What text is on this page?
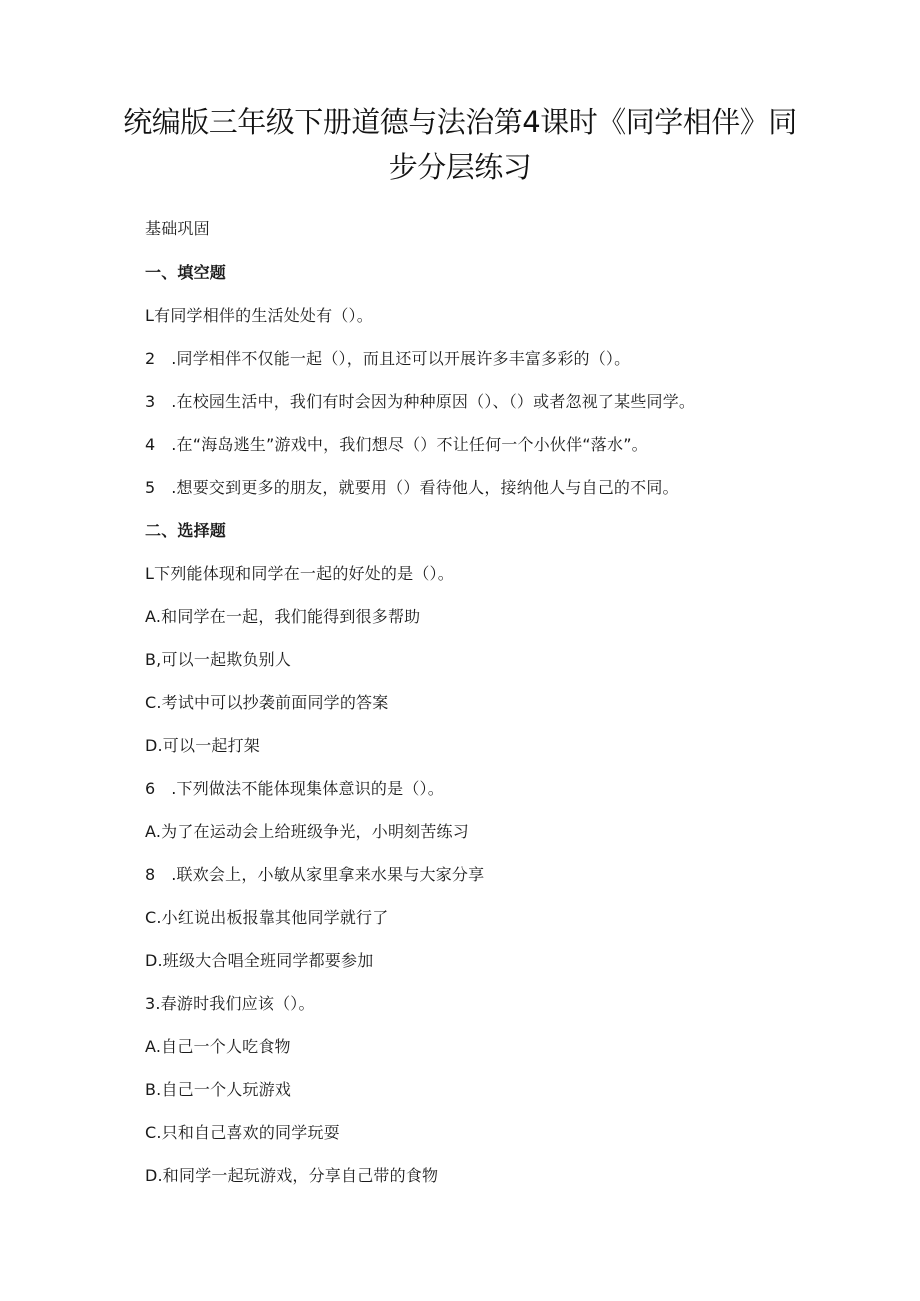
统编版三年级下册道德与法治第4课时《同学相伴》同
步分层练习
基础巩固
一、填空题
L有同学相伴的生活处处有（）。
2   .同学相伴不仅能一起（），而且还可以开展许多丰富多彩的（）。
3   .在校园生活中，我们有时会因为种种原因（）、（）或者忽视了某些同学。
4   .在“海岛逃生”游戏中，我们想尽（）不让任何一个小伙伴“落水”。
5   .想要交到更多的朋友，就要用（）看待他人，接纳他人与自己的不同。
二、选择题
L下列能体现和同学在一起的好处的是（）。
A.和同学在一起，我们能得到很多帮助
B,可以一起欺负别人
C.考试中可以抄袭前面同学的答案
D.可以一起打架
6   .下列做法不能体现集体意识的是（）。
A.为了在运动会上给班级争光，小明刻苦练习
8   .联欢会上，小敏从家里拿来水果与大家分享
C.小红说出板报靠其他同学就行了
D.班级大合唱全班同学都要参加
3.春游时我们应该（）。
A.自己一个人吃食物
B.自己一个人玩游戏
C.只和自己喜欢的同学玩耍
D.和同学一起玩游戏，分享自己带的食物
